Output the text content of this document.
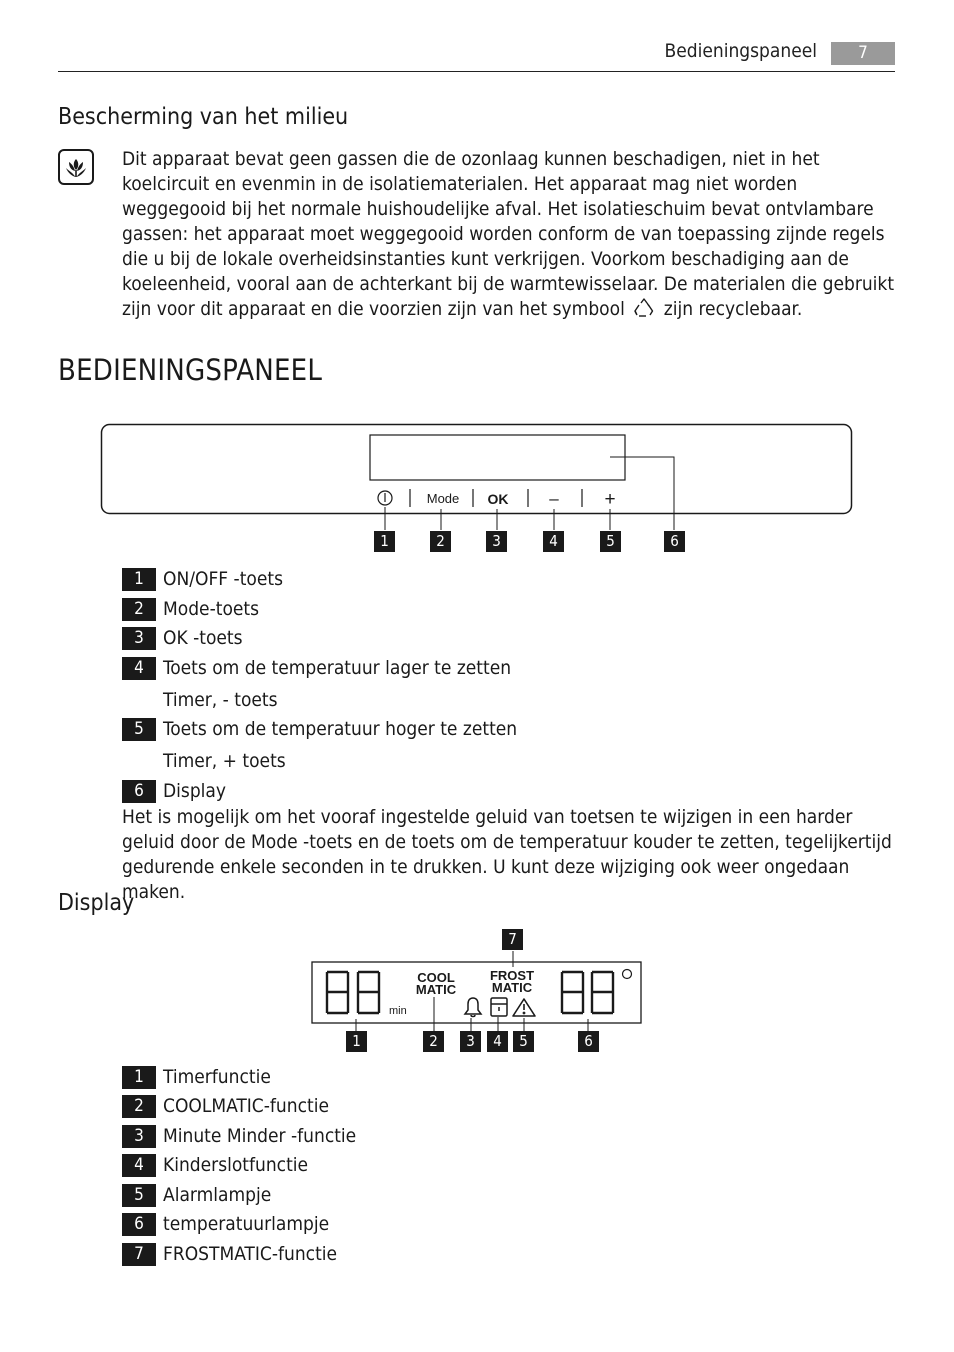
Bedieningspaneel	7
Bescherming van het milieu
Dit apparaat bevat geen gassen die de ozonlaag kunnen beschadigen, niet in het koelcircuit en evenmin in de isolatiematerialen. Het apparaat mag niet worden weggegooid bij het normale huishoudelijke afval. Het isolatieschuim bevat ontvlambare gassen: het apparaat moet weggegooid worden conform de van toepassing zijnde regels die u bij de lokale overheidsinstanties kunt verkrijgen. Voorkom beschadiging aan de koeleenheid, vooral aan de achterkant bij de warmtewisselaar. De materialen die gebruikt zijn voor dit apparaat en die voorzien zijn van het symbool zijn recyclebaar.
BEDIENINGSPANEEL
Mode OK – +
1	2	3	4	5	6
1	ON/OFF -toets
2	Mode-toets
3	OK -toets
4	Toets om de temperatuur lager te zetten
Timer, - toets
5	Toets om de temperatuur hoger te zetten
Timer, + toets
6	Display
Het is mogelijk om het vooraf ingestelde geluid van toetsen te wijzigen in een harder geluid door de Mode -toets en de toets om de temperatuur kouder te zetten, tegelijkertijd gedurende enkele seconden in te drukken. U kunt deze wijziging ook weer ongedaan maken.
Display
min
COOL
MATIC
FROST
MATIC
7
1	2	3	4	5	6
1	Timerfunctie
2	COOLMATIC-functie
3	Minute Minder -functie
4	Kinderslotfunctie
5	Alarmlampje
6	temperatuurlampje
7	FROSTMATIC-functie
